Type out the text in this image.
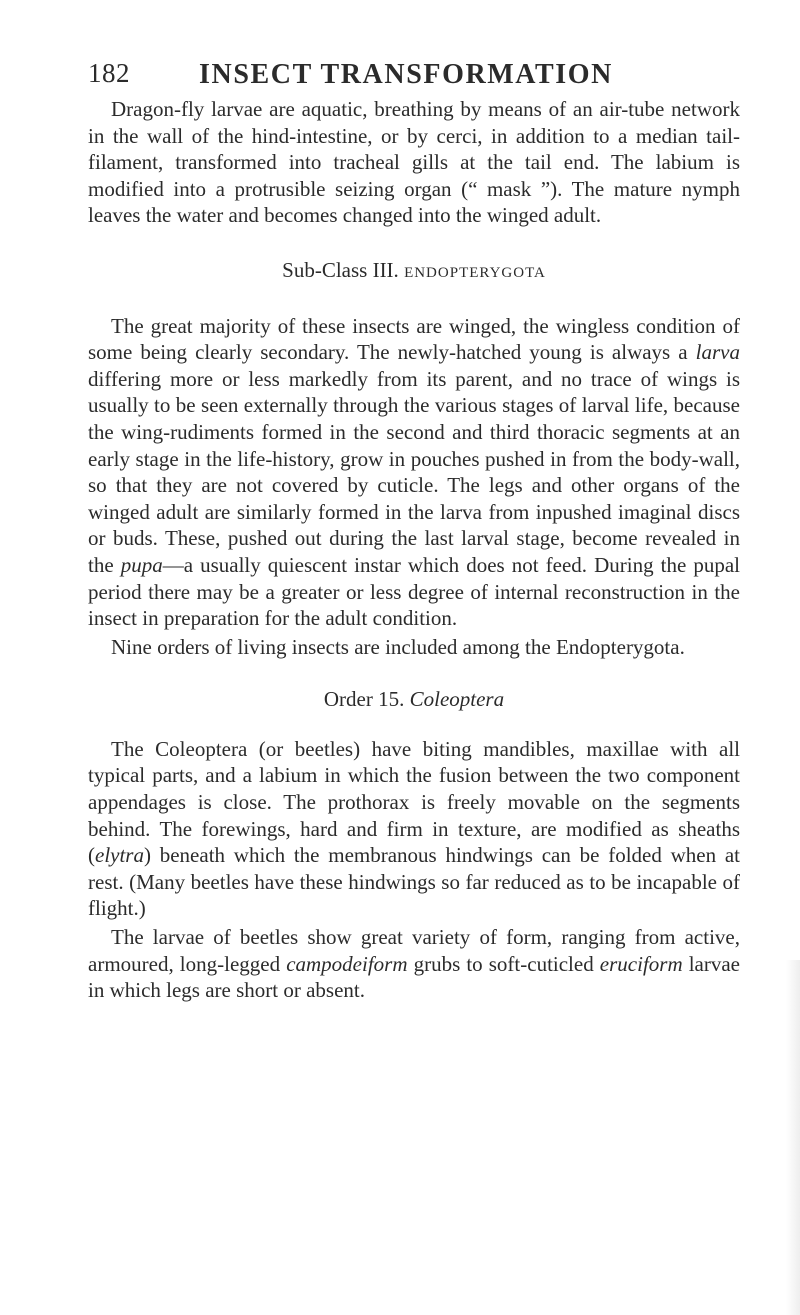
182 INSECT TRANSFORMATION

Dragon-fly larvae are aquatic, breathing by means of an air-tube network in the wall of the hind-intestine, or by cerci, in addition to a median tail-filament, transformed into tracheal gills at the tail end. The labium is modified into a protrusible seizing organ (“ mask ”). The mature nymph leaves the water and becomes changed into the winged adult.

Sub-Class III. ENDOPTERYGOTA

The great majority of these insects are winged, the wingless condition of some being clearly secondary. The newly-hatched young is always a larva differing more or less markedly from its parent, and no trace of wings is usually to be seen externally through the various stages of larval life, because the wing-rudiments formed in the second and third thoracic segments at an early stage in the life-history, grow in pouches pushed in from the body-wall, so that they are not covered by cuticle. The legs and other organs of the winged adult are similarly formed in the larva from inpushed imaginal discs or buds. These, pushed out during the last larval stage, become revealed in the pupa—a usually quiescent instar which does not feed. During the pupal period there may be a greater or less degree of internal reconstruction in the insect in preparation for the adult condition.

Nine orders of living insects are included among the Endopterygota.

Order 15. Coleoptera

The Coleoptera (or beetles) have biting mandibles, maxillae with all typical parts, and a labium in which the fusion between the two component appendages is close. The prothorax is freely movable on the segments behind. The forewings, hard and firm in texture, are modified as sheaths (elytra) beneath which the membranous hindwings can be folded when at rest. (Many beetles have these hindwings so far reduced as to be incapable of flight.)

The larvae of beetles show great variety of form, ranging from active, armoured, long-legged campodeiform grubs to soft-cuticled eruciform larvae in which legs are short or absent.
